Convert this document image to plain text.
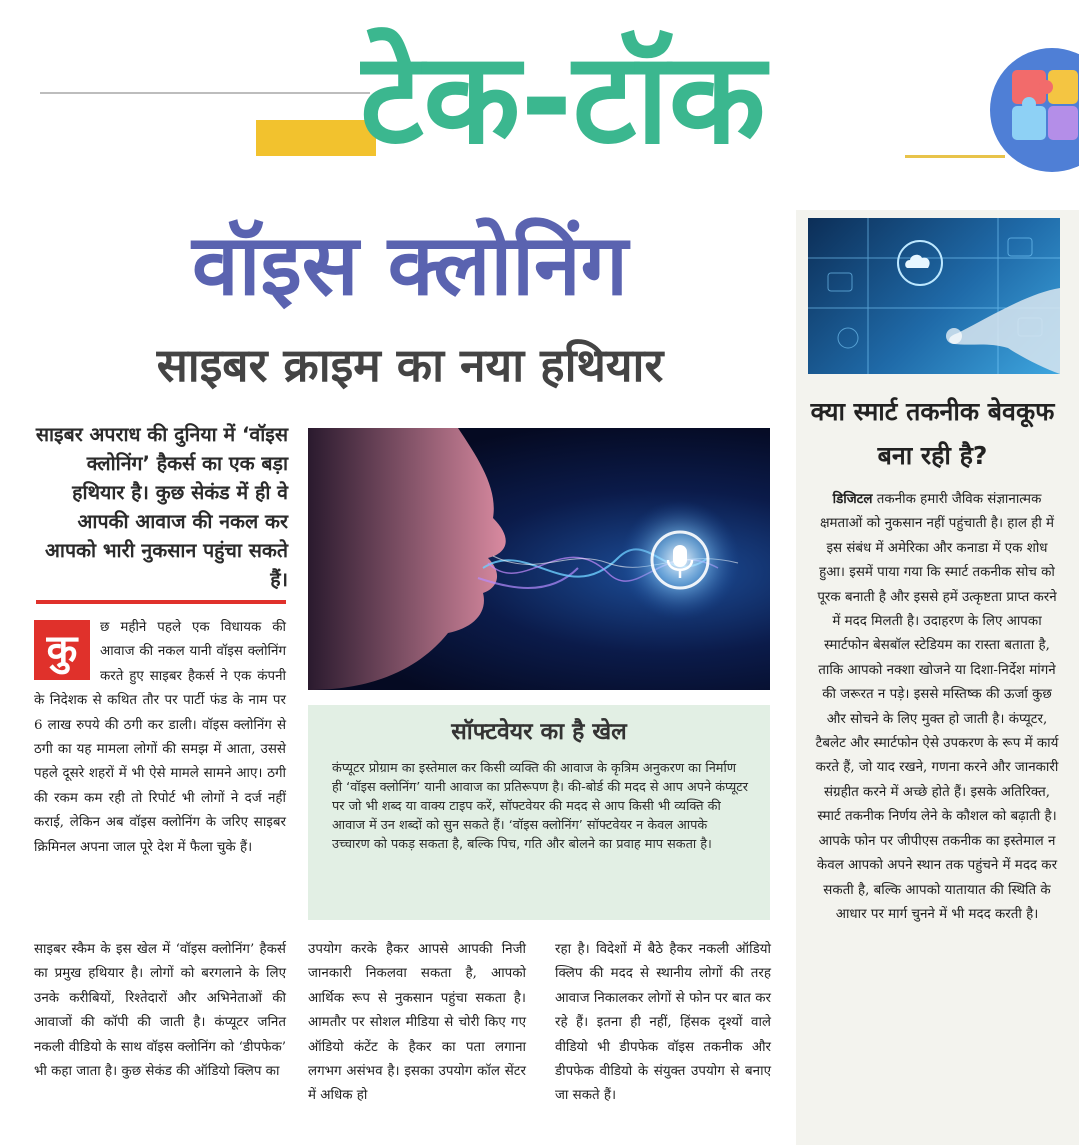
टेक-टॉक
वॉइस क्लोनिंग
साइबर क्राइम का नया हथियार
साइबर अपराध की दुनिया में ‘वॉइस क्लोनिंग’ हैकर्स का एक बड़ा हथियार है। कुछ सेकंड में ही वे आपकी आवाज की नकल कर आपको भारी नुकसान पहुंचा सकते हैं।
कु	छ महीने पहले एक विधायक की आवाज की नकल यानी वॉइस क्लोनिंग करते हुए साइबर हैकर्स ने एक कंपनी के निदेशक से कथित तौर पर पार्टी फंड के नाम पर 6 लाख रुपये की ठगी कर डाली। वॉइस क्लोनिंग से ठगी का यह मामला लोगों की समझ में आता, उससे पहले दूसरे शहरों में भी ऐसे मामले सामने आए। ठगी की रकम कम रही तो रिपोर्ट भी लोगों ने दर्ज नहीं कराई, लेकिन अब वॉइस क्लोनिंग के जरिए साइबर क्रिमिनल अपना जाल पूरे देश में फैला चुके हैं।
सॉफ्टवेयर का है खेल
कंप्यूटर प्रोग्राम का इस्तेमाल कर किसी व्यक्ति की आवाज के कृत्रिम अनुकरण का निर्माण ही ‘वॉइस क्लोनिंग’ यानी आवाज का प्रतिरूपण है। की-बोर्ड की मदद से आप अपने कंप्यूटर पर जो भी शब्द या वाक्य टाइप करें, सॉफ्टवेयर की मदद से आप किसी भी व्यक्ति की आवाज में उन शब्दों को सुन सकते हैं। ‘वॉइस क्लोनिंग’ सॉफ्टवेयर न केवल आपके उच्चारण को पकड़ सकता है, बल्कि पिच, गति और बोलने का प्रवाह माप सकता है।
साइबर स्कैम के इस खेल में ‘वॉइस क्लोनिंग’ हैकर्स का प्रमुख हथियार है। लोगों को बरगलाने के लिए उनके करीबियों, रिश्तेदारों और अभिनेताओं की आवाजों की कॉपी की जाती है। कंप्यूटर जनित नकली वीडियो के साथ वॉइस क्लोनिंग को ‘डीपफेक’ भी कहा जाता है। कुछ सेकंड की ऑडियो क्लिप का
उपयोग करके हैकर आपसे आपकी निजी जानकारी निकलवा सकता है, आपको आर्थिक रूप से नुकसान पहुंचा सकता है। आमतौर पर सोशल मीडिया से चोरी किए गए ऑडियो कंटेंट के हैकर का पता लगाना लगभग असंभव है। इसका उपयोग कॉल सेंटर में अधिक हो
रहा है। विदेशों में बैठे हैकर नकली ऑडियो क्लिप की मदद से स्थानीय लोगों की तरह आवाज निकालकर लोगों से फोन पर बात कर रहे हैं। इतना ही नहीं, हिंसक दृश्यों वाले वीडियो भी डीपफेक वॉइस तकनीक और डीपफेक वीडियो के संयुक्त उपयोग से बनाए जा सकते हैं।
क्या स्मार्ट तकनीक बेवकूफ बना रही है?
डिजिटल तकनीक हमारी जैविक संज्ञानात्मक क्षमताओं को नुकसान नहीं पहुंचाती है। हाल ही में इस संबंध में अमेरिका और कनाडा में एक शोध हुआ। इसमें पाया गया कि स्मार्ट तकनीक सोच को पूरक बनाती है और इससे हमें उत्कृष्टता प्राप्त करने में मदद मिलती है। उदाहरण के लिए आपका स्मार्टफोन बेसबॉल स्टेडियम का रास्ता बताता है, ताकि आपको नक्शा खोजने या दिशा-निर्देश मांगने की जरूरत न पड़े। इससे मस्तिष्क की ऊर्जा कुछ और सोचने के लिए मुक्त हो जाती है। कंप्यूटर, टैबलेट और स्मार्टफोन ऐसे उपकरण के रूप में कार्य करते हैं, जो याद रखने, गणना करने और जानकारी संग्रहीत करने में अच्छे होते हैं। इसके अतिरिक्त, स्मार्ट तकनीक निर्णय लेने के कौशल को बढ़ाती है। आपके फोन पर जीपीएस तकनीक का इस्तेमाल न केवल आपको अपने स्थान तक पहुंचने में मदद कर सकती है, बल्कि आपको यातायात की स्थिति के आधार पर मार्ग चुनने में भी मदद करती है।
